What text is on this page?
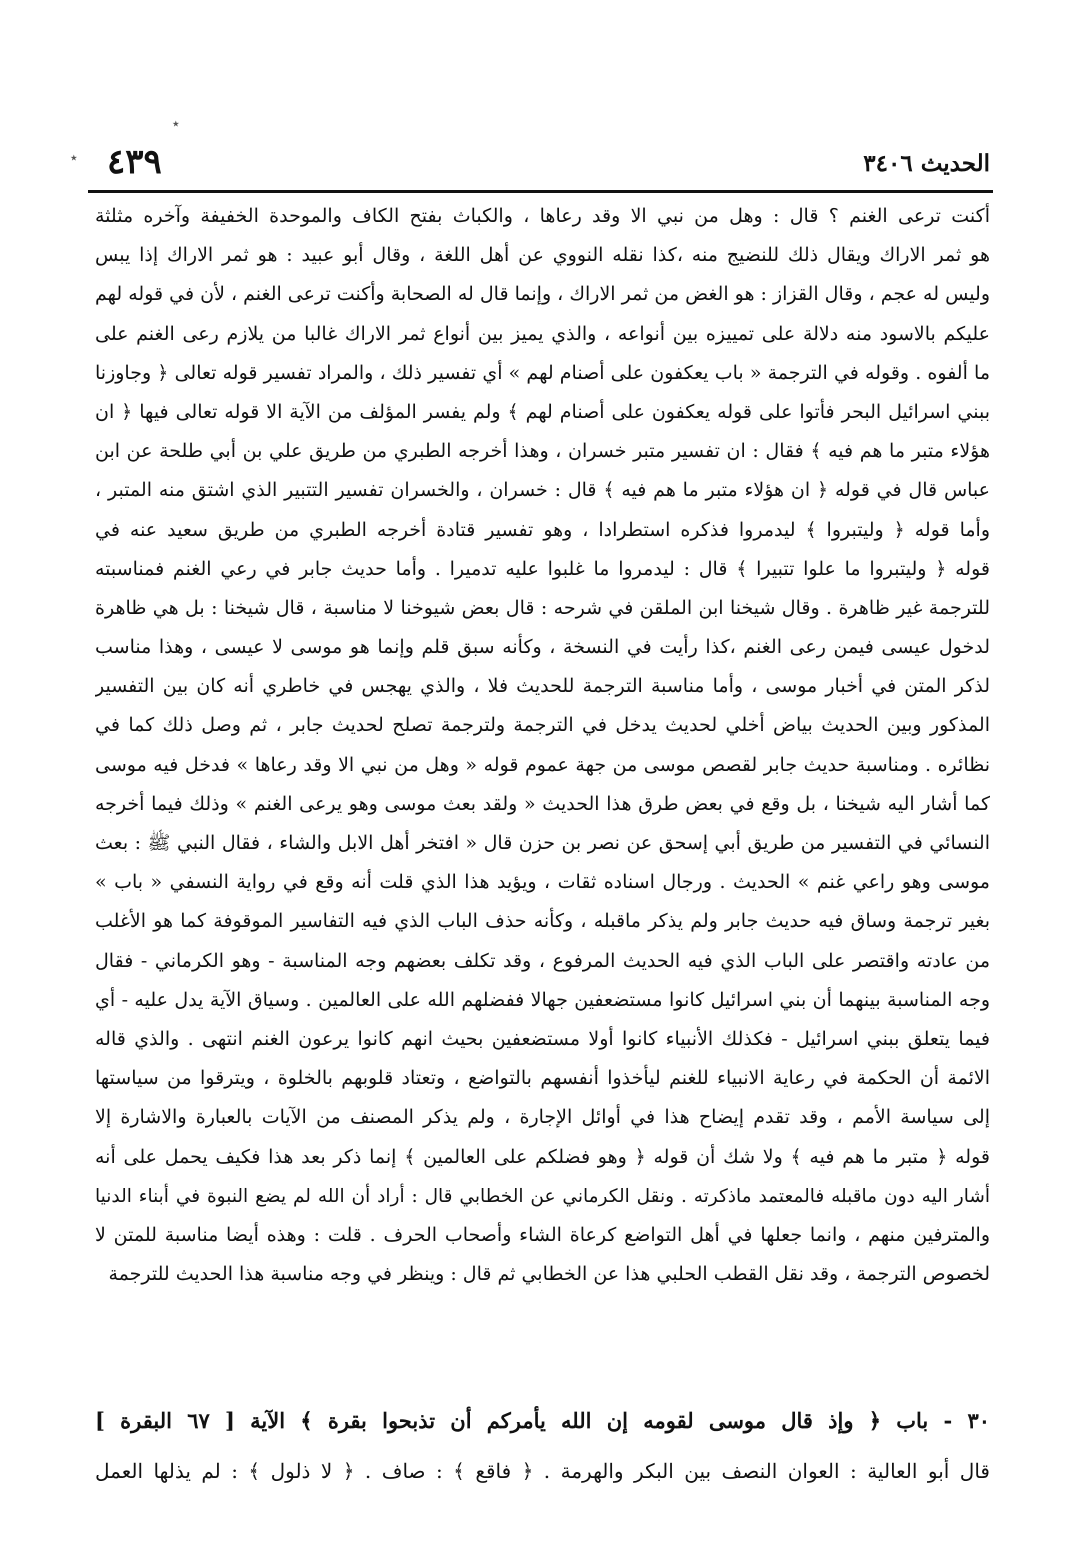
٭
٭	الحديث ٣٤٠٦
٤٣٩
أكنت ترعى الغنم ؟ قال : وهل من نبي الا وقد رعاها ، والكباث بفتح الكاف والموحدة الخفيفة وآخره مثلثة
هو ثمر الاراك ويقال ذلك للنضيج منه ،كذا نقله النووي عن أهل اللغة ، وقال أبو عبيد : هو ثمر الاراك إذا يبس
وليس له عجم ، وقال القزاز : هو الغض من ثمر الاراك ، وإنما قال له الصحابة وأكنت ترعى الغنم ، لأن في قوله لهم
عليكم بالاسود منه دلالة على تمييزه بين أنواعه ، والذي يميز بين أنواع ثمر الاراك غالبا من يلازم رعى الغنم على
ما ألفوه . وقوله في الترجمة « باب يعكفون على أصنام لهم » أي تفسير ذلك ، والمراد تفسير قوله تعالى ﴿ وجاوزنا
ببني اسرائيل البحر فأتوا على قوله يعكفون على أصنام لهم ﴾ ولم يفسر المؤلف من الآية الا قوله تعالى فيها ﴿ ان
هؤلاء متبر ما هم فيه ﴾ فقال : ان تفسير متبر خسران ، وهذا أخرجه الطبري من طريق علي بن أبي طلحة عن ابن
عباس قال في قوله ﴿ ان هؤلاء متبر ما هم فيه ﴾ قال : خسران ، والخسران تفسير التتبير الذي اشتق منه المتبر ،
وأما قوله ﴿ وليتبروا ﴾ ليدمروا فذكره استطرادا ، وهو تفسير قتادة أخرجه الطبري من طريق سعيد عنه في
قوله ﴿ وليتبروا ما علوا تتبيرا ﴾ قال : ليدمروا ما غلبوا عليه تدميرا . وأما حديث جابر في رعي الغنم فمناسبته
للترجمة غير ظاهرة . وقال شيخنا ابن الملقن في شرحه : قال بعض شيوخنا لا مناسبة ، قال شيخنا : بل هي ظاهرة
لدخول عيسى فيمن رعى الغنم ،كذا رأيت في النسخة ، وكأنه سبق قلم وإنما هو موسى لا عيسى ، وهذا مناسب
لذكر المتن في أخبار موسى ، وأما مناسبة الترجمة للحديث فلا ، والذي يهجس في خاطري أنه كان بين التفسير
المذكور وبين الحديث بياض أخلي لحديث يدخل في الترجمة ولترجمة تصلح لحديث جابر ، ثم وصل ذلك كما في
نظائره . ومناسبة حديث جابر لقصص موسى من جهة عموم قوله « وهل من نبي الا وقد رعاها » فدخل فيه موسى
كما أشار اليه شيخنا ، بل وقع في بعض طرق هذا الحديث « ولقد بعث موسى وهو يرعى الغنم » وذلك فيما أخرجه
النسائي في التفسير من طريق أبي إسحق عن نصر بن حزن قال « افتخر أهل الابل والشاء ، فقال النبي ﷺ : بعث
موسى وهو راعي غنم » الحديث . ورجال اسناده ثقات ، ويؤيد هذا الذي قلت أنه وقع في رواية النسفي « باب »
بغير ترجمة وساق فيه حديث جابر ولم يذكر ماقبله ، وكأنه حذف الباب الذي فيه التفاسير الموقوفة كما هو الأغلب
من عادته واقتصر على الباب الذي فيه الحديث المرفوع ، وقد تكلف بعضهم وجه المناسبة - وهو الكرماني - فقال
وجه المناسبة بينهما أن بني اسرائيل كانوا مستضعفين جهالا ففضلهم الله على العالمين . وسياق الآية يدل عليه - أي
فيما يتعلق ببني اسرائيل - فكذلك الأنبياء كانوا أولا مستضعفين بحيث انهم كانوا يرعون الغنم انتهى . والذي قاله
الائمة أن الحكمة في رعاية الانبياء للغنم ليأخذوا أنفسهم بالتواضع ، وتعتاد قلوبهم بالخلوة ، ويترقوا من سياستها
إلى سياسة الأمم ، وقد تقدم إيضاح هذا في أوائل الإجارة ، ولم يذكر المصنف من الآيات بالعبارة والاشارة إلا
قوله ﴿ متبر ما هم فيه ﴾ ولا شك أن قوله ﴿ وهو فضلكم على العالمين ﴾ إنما ذكر بعد هذا فكيف يحمل على أنه
أشار اليه دون ماقبله فالمعتمد ماذكرته . ونقل الكرماني عن الخطابي قال : أراد أن الله لم يضع النبوة في أبناء الدنيا
والمترفين منهم ، وانما جعلها في أهل التواضع كرعاة الشاء وأصحاب الحرف . قلت : وهذه أيضا مناسبة للمتن لا
لخصوص الترجمة ، وقد نقل القطب الحلبي هذا عن الخطابي ثم قال : وينظر في وجه مناسبة هذا الحديث للترجمة
٣٠ - باب ﴿ وإذ قال موسى لقومه إن الله يأمركم أن تذبحوا بقرة ﴾ الآية [ ٦٧ البقرة ]
قال أبو العالية : العوان النصف بين البكر والهرمة . ﴿ فاقع ﴾ : صاف . ﴿ لا ذلول ﴾ : لم يذلها العمل
